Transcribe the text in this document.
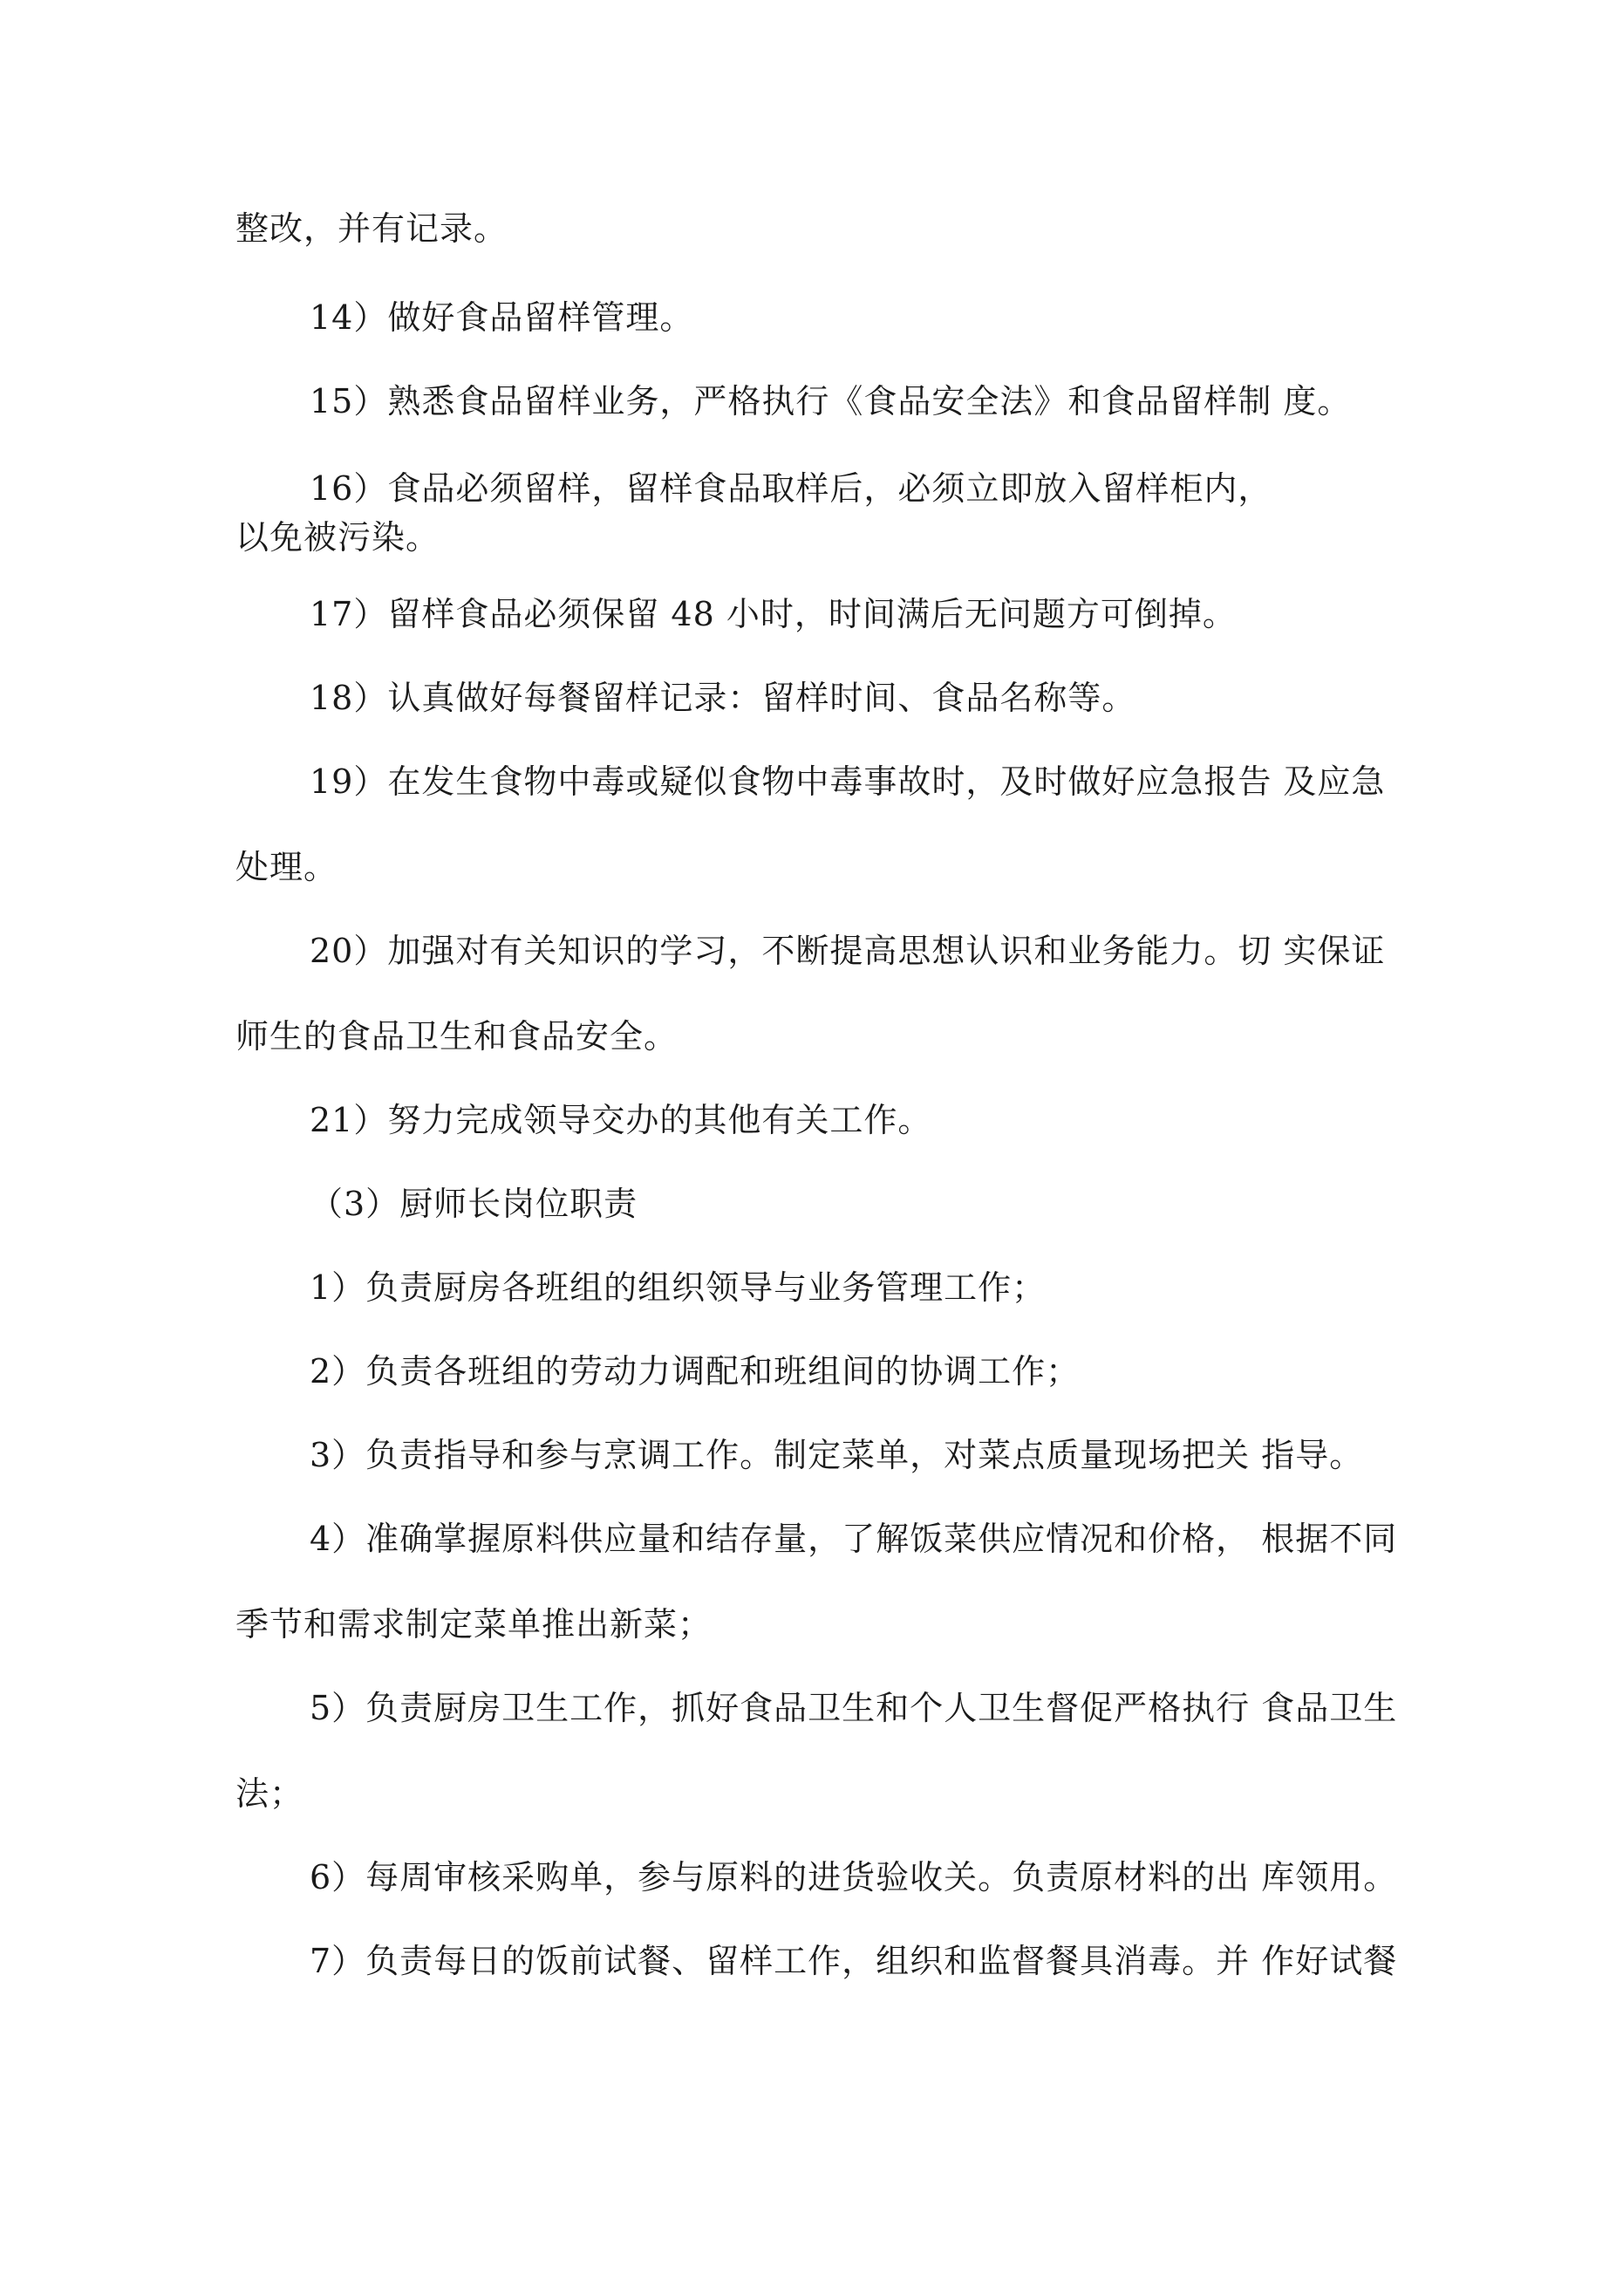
整改，并有记录。
14）做好食品留样管理。
15）熟悉食品留样业务，严格执行《食品安全法》和食品留样制 度。
16）食品必须留样，留样食品取样后，必须立即放入留样柜内，
以免被污染。
17）留样食品必须保留 48 小时，时间满后无问题方可倒掉。
18）认真做好每餐留样记录：留样时间、食品名称等。
19）在发生食物中毒或疑似食物中毒事故时，及时做好应急报告 及应急
处理。
20）加强对有关知识的学习，不断提高思想认识和业务能力。切 实保证
师生的食品卫生和食品安全。
21）努力完成领导交办的其他有关工作。
（3）厨师长岗位职责
1）负责厨房各班组的组织领导与业务管理工作；
2）负责各班组的劳动力调配和班组间的协调工作；
3）负责指导和参与烹调工作。制定菜单，对菜点质量现场把关 指导。
4）准确掌握原料供应量和结存量，了解饭菜供应情况和价格， 根据不同
季节和需求制定菜单推出新菜；
5）负责厨房卫生工作，抓好食品卫生和个人卫生督促严格执行 食品卫生
法；
6）每周审核采购单，参与原料的进货验收关。负责原材料的出 库领用。
7）负责每日的饭前试餐、留样工作，组织和监督餐具消毒。并 作好试餐
